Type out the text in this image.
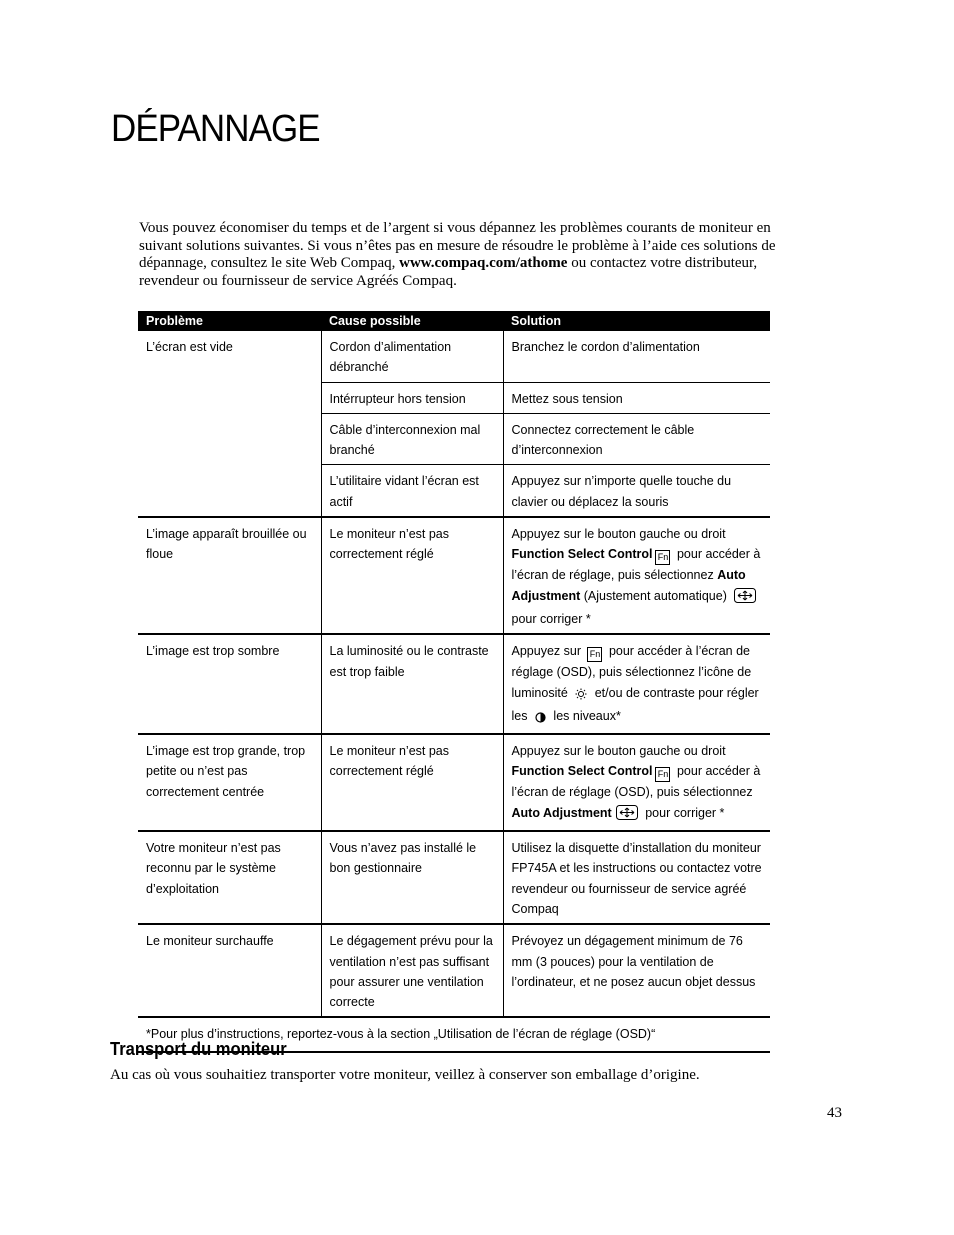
DÉPANNAGE

Vous pouvez économiser du temps et de l’argent si vous dépannez les problèmes courants de moniteur en suivant solutions suivantes. Si vous n’êtes pas en mesure de résoudre le problème à l’aide ces solutions de dépannage, consultez le site Web Compaq, www.compaq.com/athome ou contactez votre distributeur, revendeur ou fournisseur de service Agréés Compaq.

Problème	Cause possible	Solution
L’écran est vide	Cordon d’alimentation débranché	Branchez le cordon d’alimentation
	Intérrupteur hors tension	Mettez sous tension
	Câble d’interconnexion mal branché	Connectez correctement le câble d’interconnexion
	L’utilitaire vidant l’écran est actif	Appuyez sur n’importe quelle touche du clavier ou déplacez la souris
L’image apparaît brouillée ou floue	Le moniteur n’est pas correctement réglé	Appuyez sur le bouton gauche ou droit Function Select Control Fn pour accéder à l’écran de réglage, puis sélectionnez Auto Adjustment (Ajustement automatique)  pour corriger *
L’image est trop sombre	La luminosité ou le contraste est trop faible	Appuyez sur Fn pour accéder à l’écran de réglage (OSD), puis sélectionnez l’icône de luminosité  et/ou de contraste pour régler les  les niveaux*
L’image est trop grande, trop petite ou n’est pas correctement centrée	Le moniteur n’est pas correctement réglé	Appuyez sur le bouton gauche ou droit Function Select Control Fn pour accéder à l’écran de réglage (OSD), puis sélectionnez Auto Adjustment pour corriger *
Votre moniteur n’est pas reconnu par le système d’exploitation	Vous n’avez pas installé le bon gestionnaire	Utilisez la disquette d’installation du moniteur FP745A et les instructions ou contactez votre revendeur ou fournisseur de service agréé Compaq
Le moniteur surchauffe	Le dégagement prévu pour la ventilation n’est pas suffisant pour assurer une ventilation correcte	Prévoyez un dégagement minimum de 76 mm (3 pouces) pour la ventilation de l’ordinateur, et ne posez aucun objet dessus
*Pour plus d’instructions, reportez-vous à la section „Utilisation de l’écran de réglage (OSD)“		
Transport du moniteur
Au cas où vous souhaitiez transporter votre moniteur, veillez à conserver son emballage d’origine.
43
